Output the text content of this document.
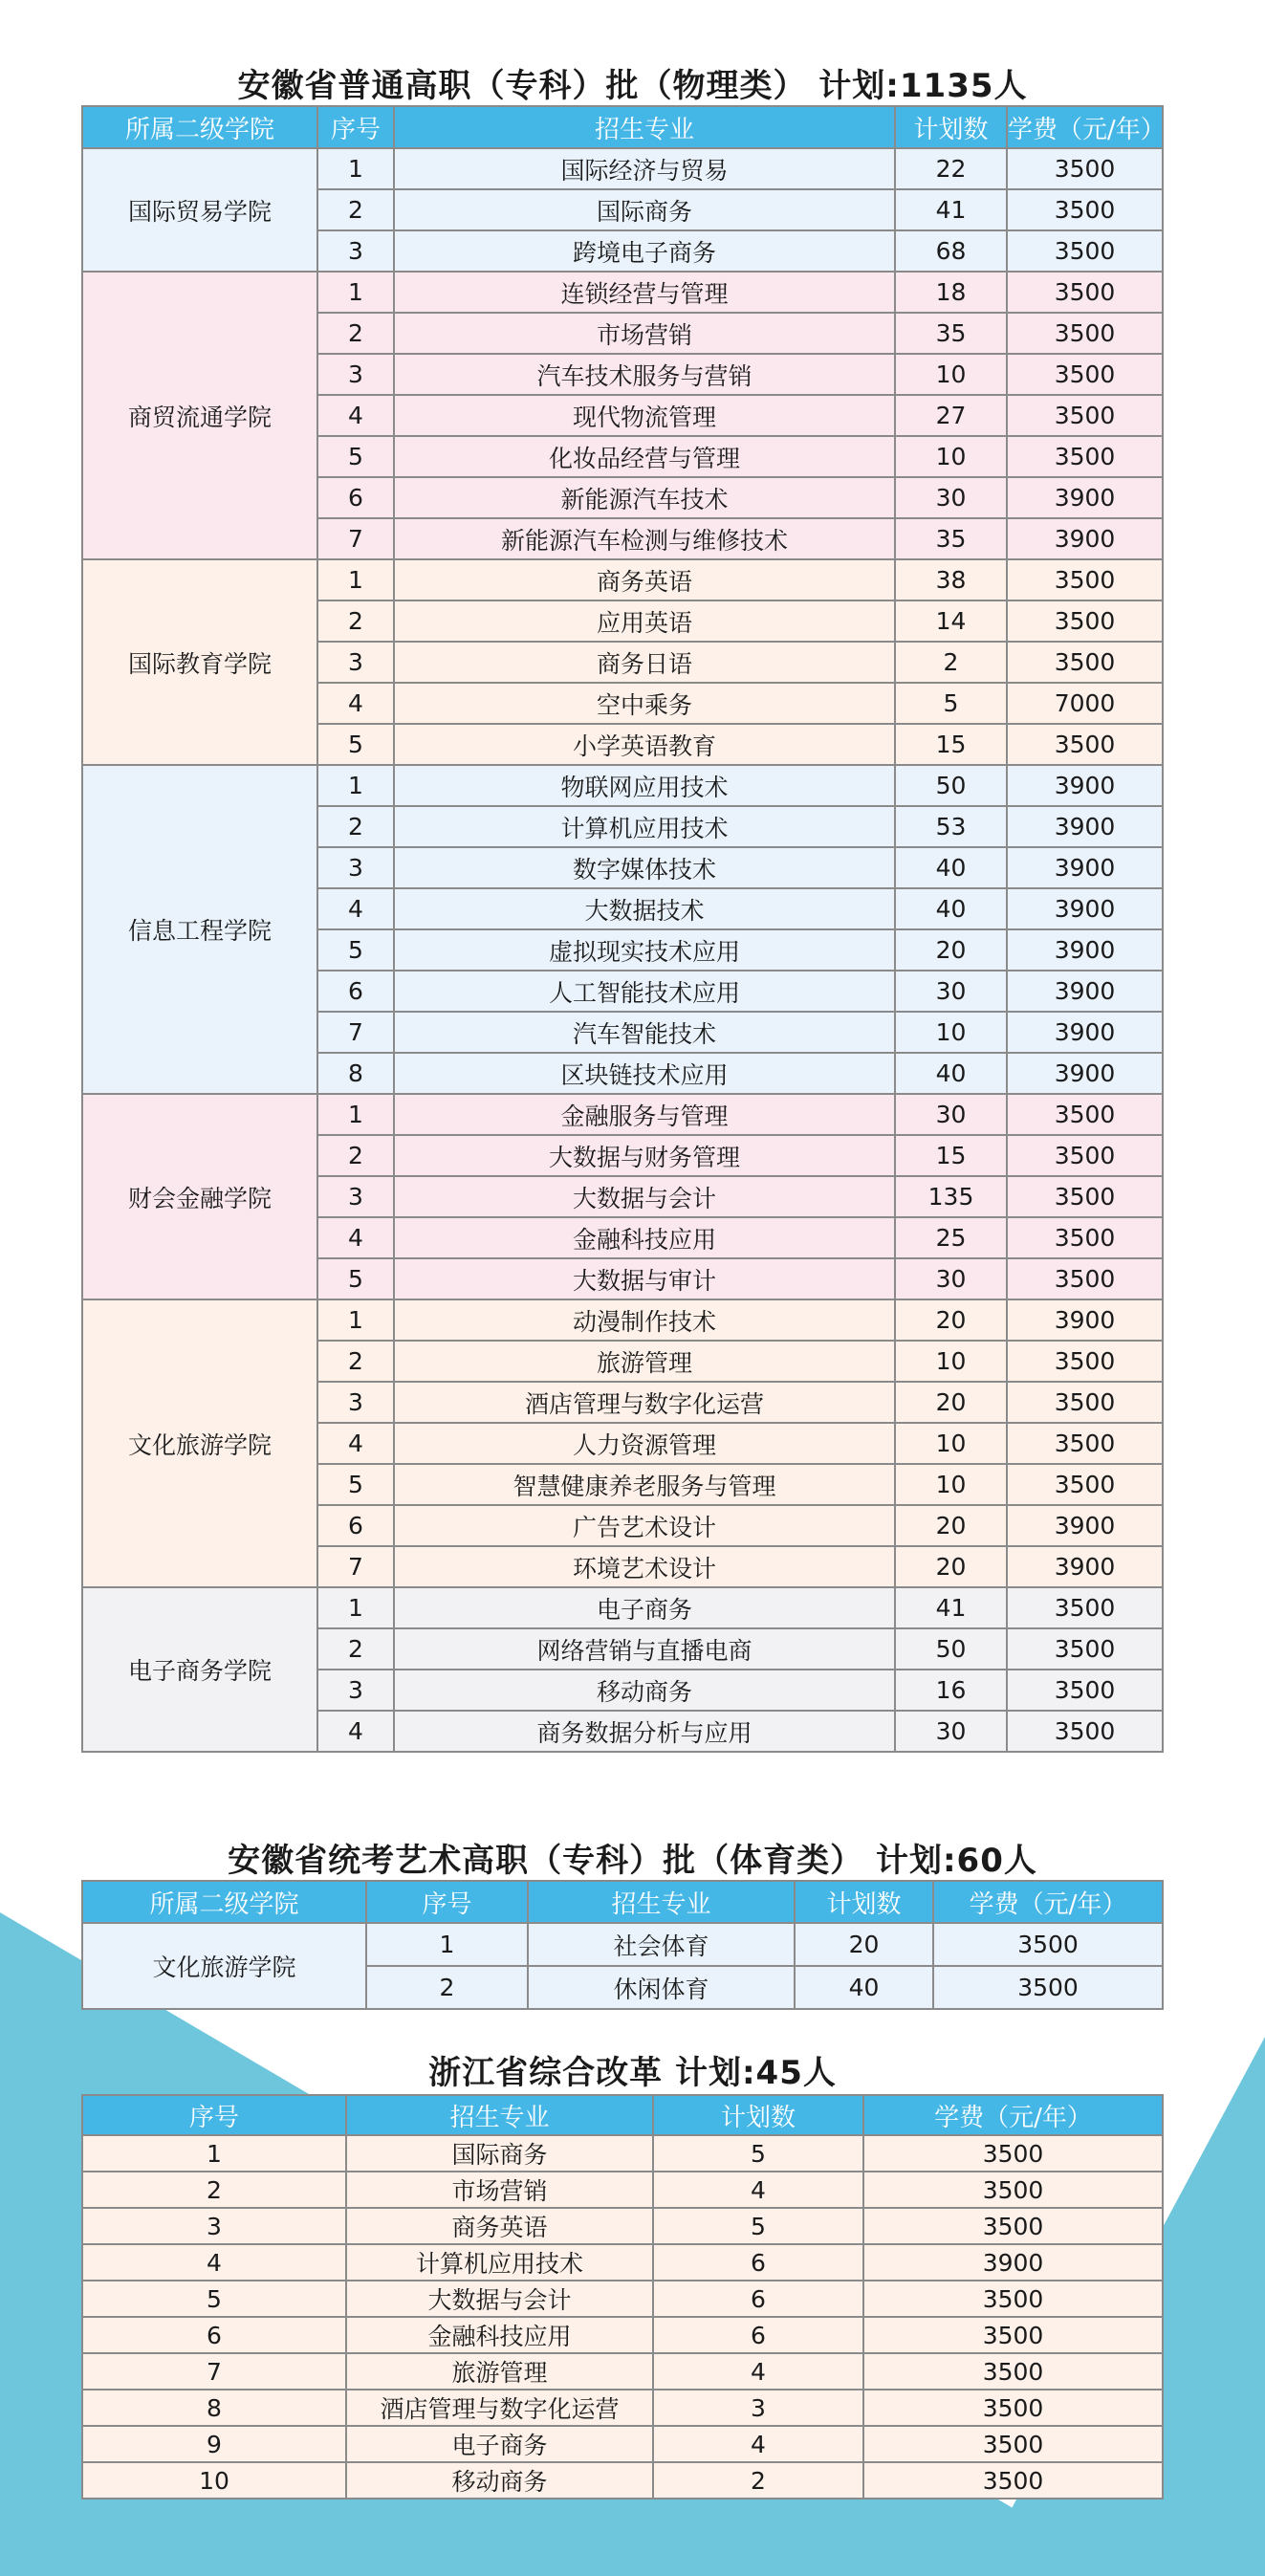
安徽省普通高职（专科）批（物理类） 计划:1135人
所属二级学院	序号	招生专业	计划数	学费（元/年）
国际贸易学院	1	国际经济与贸易	22	3500
	2	国际商务	41	3500
	3	跨境电子商务	68	3500
商贸流通学院	1	连锁经营与管理	18	3500
	2	市场营销	35	3500
	3	汽车技术服务与营销	10	3500
	4	现代物流管理	27	3500
	5	化妆品经营与管理	10	3500
	6	新能源汽车技术	30	3900
	7	新能源汽车检测与维修技术	35	3900
国际教育学院	1	商务英语	38	3500
	2	应用英语	14	3500
	3	商务日语	2	3500
	4	空中乘务	5	7000
	5	小学英语教育	15	3500
信息工程学院	1	物联网应用技术	50	3900
	2	计算机应用技术	53	3900
	3	数字媒体技术	40	3900
	4	大数据技术	40	3900
	5	虚拟现实技术应用	20	3900
	6	人工智能技术应用	30	3900
	7	汽车智能技术	10	3900
	8	区块链技术应用	40	3900
财会金融学院	1	金融服务与管理	30	3500
	2	大数据与财务管理	15	3500
	3	大数据与会计	135	3500
	4	金融科技应用	25	3500
	5	大数据与审计	30	3500
文化旅游学院	1	动漫制作技术	20	3900
	2	旅游管理	10	3500
	3	酒店管理与数字化运营	20	3500
	4	人力资源管理	10	3500
	5	智慧健康养老服务与管理	10	3500
	6	广告艺术设计	20	3900
	7	环境艺术设计	20	3900
电子商务学院	1	电子商务	41	3500
	2	网络营销与直播电商	50	3500
	3	移动商务	16	3500
	4	商务数据分析与应用	30	3500
安徽省统考艺术高职（专科）批（体育类） 计划:60人
所属二级学院	序号	招生专业	计划数	学费（元/年）
文化旅游学院	1	社会体育	20	3500
	2	休闲体育	40	3500
浙江省综合改革 计划:45人
序号	招生专业	计划数	学费（元/年）
1	国际商务	5	3500
2	市场营销	4	3500
3	商务英语	5	3500
4	计算机应用技术	6	3900
5	大数据与会计	6	3500
6	金融科技应用	6	3500
7	旅游管理	4	3500
8	酒店管理与数字化运营	3	3500
9	电子商务	4	3500
10	移动商务	2	3500
